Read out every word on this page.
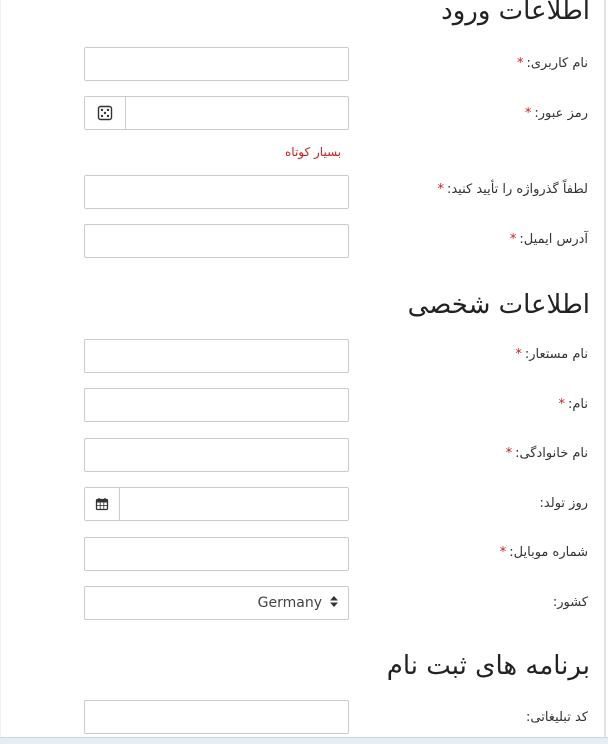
اطلاعات ورود
نام کاربری:*
رمز عبور:*
بسیار کوتاه
لطفاً گذرواژه را تأیید کنید:*
آدرس ایمیل:*
اطلاعات شخصی
نام مستعار:*
نام:*
نام خانوادگی:*
روز تولد:
شماره موبایل:*
کشور:
Germany
برنامه های ثبت نام
کد تبلیغاتی:
